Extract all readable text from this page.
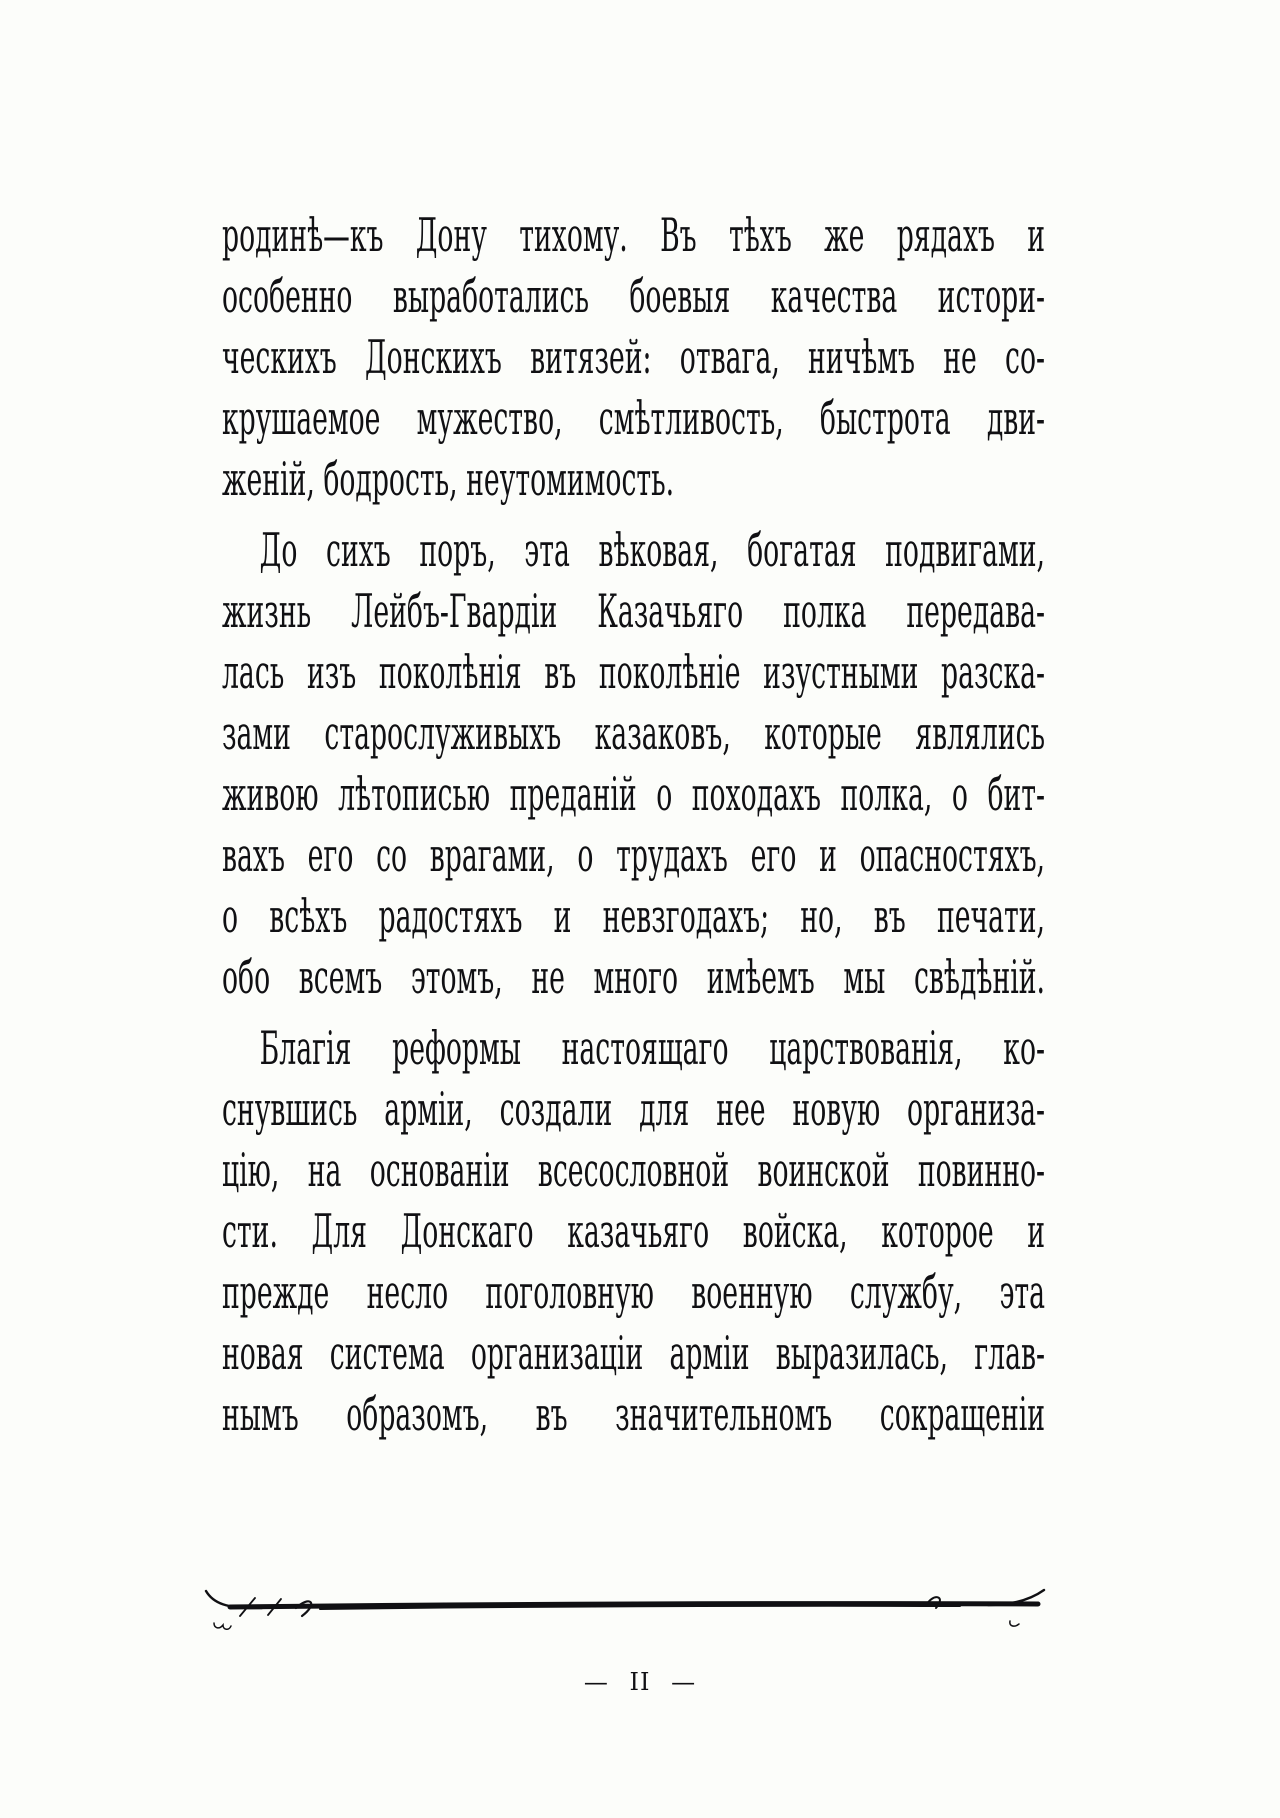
родинѣ—къ Дону тихому. Въ тѣхъ же рядахъ и
особенно выработались боевыя качества истори-
ческихъ Донскихъ витязей: отвага, ничѣмъ не со-
крушаемое мужество, смѣтливость, быстрота дви-
женій, бодрость, неутомимость.
До сихъ поръ, эта вѣковая, богатая подвигами,
жизнь Лейбъ-Гвардіи Казачьяго полка передава-
лась изъ поколѣнія въ поколѣніе изустными разска-
зами старослуживыхъ казаковъ, которые являлись
живою лѣтописью преданій о походахъ полка, о бит-
вахъ его со врагами, о трудахъ его и опасностяхъ,
о всѣхъ радостяхъ и невзгодахъ; но, въ печати,
обо всемъ этомъ, не много имѣемъ мы свѣдѣній.
Благія реформы настоящаго царствованія, ко-
снувшись арміи, создали для нее новую организа-
цію, на основаніи всесословной воинской повинно-
сти. Для Донскаго казачьяго войска, которое и
прежде несло поголовную военную службу, эта
новая система организаціи арміи выразилась, глав-
нымъ образомъ, въ значительномъ сокращеніи
— ΙΙ —
